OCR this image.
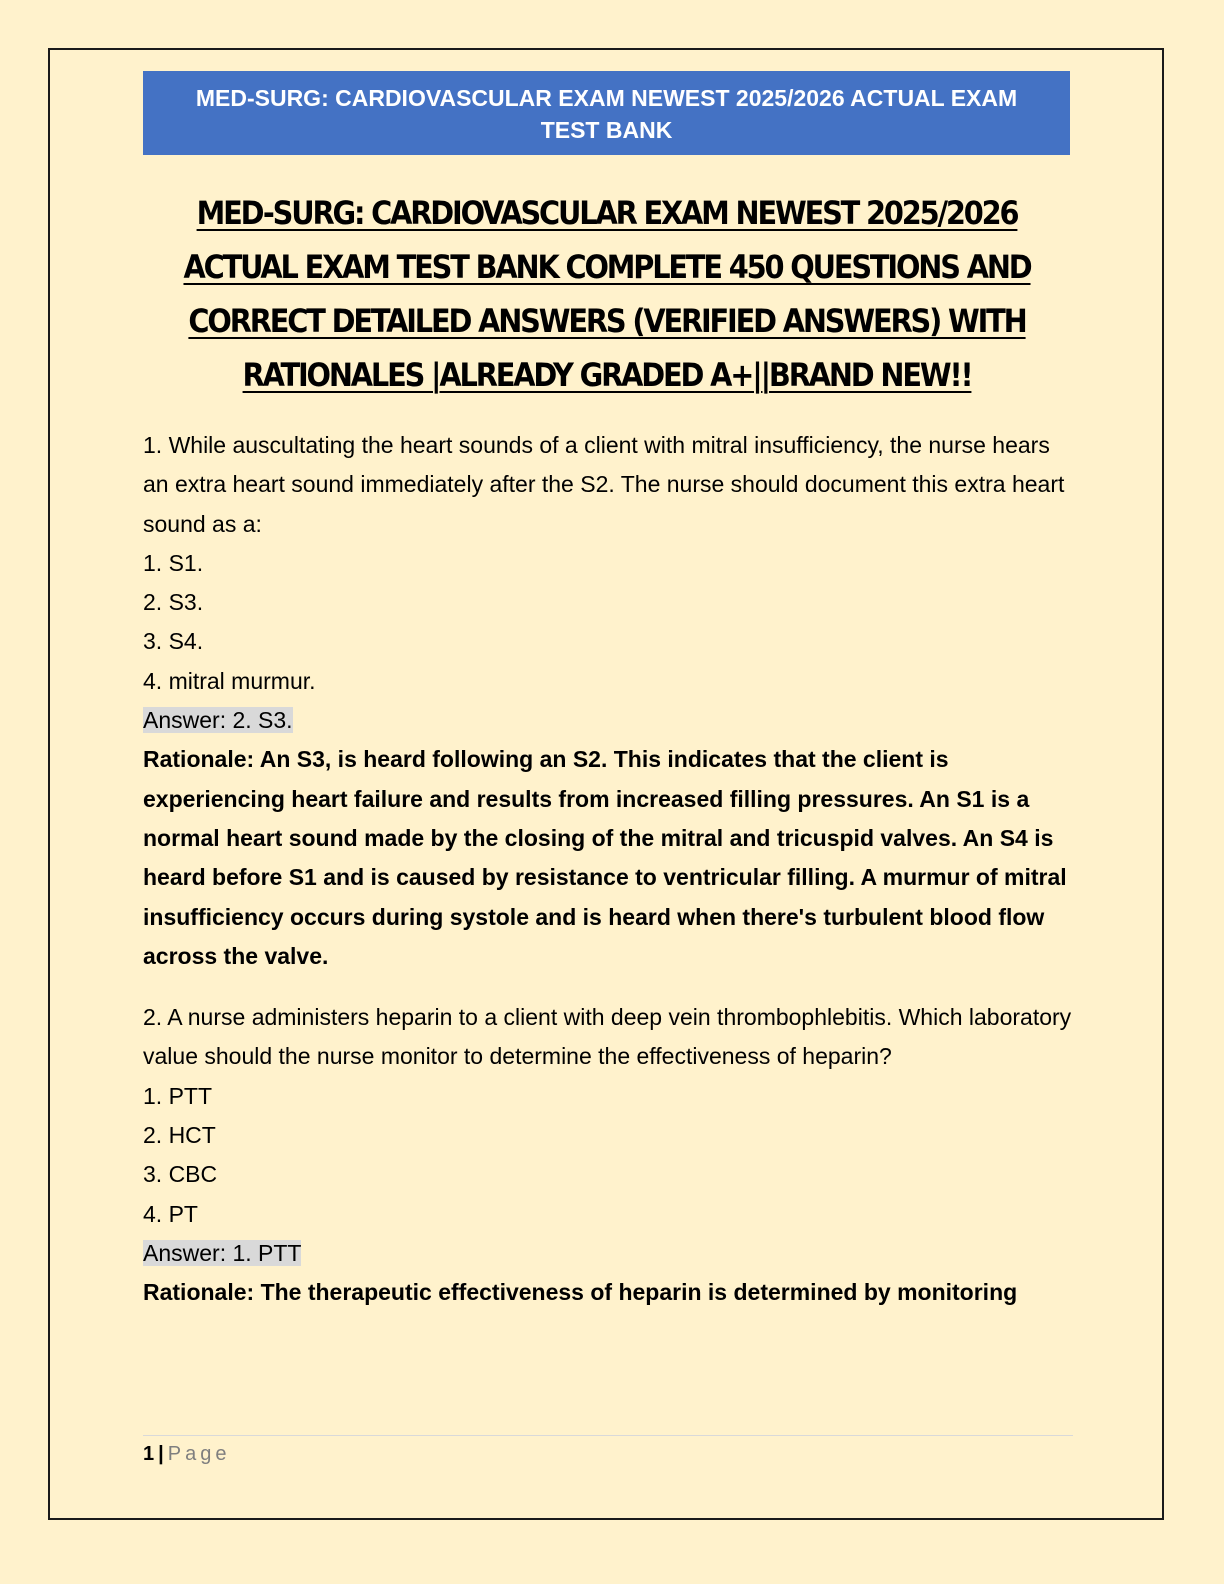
MED-SURG: CARDIOVASCULAR EXAM NEWEST 2025/2026 ACTUAL EXAM TEST BANK
MED-SURG: CARDIOVASCULAR EXAM NEWEST 2025/2026 ACTUAL EXAM TEST BANK COMPLETE 450 QUESTIONS AND CORRECT DETAILED ANSWERS (VERIFIED ANSWERS) WITH RATIONALES |ALREADY GRADED A+||BRAND NEW!!

1. While auscultating the heart sounds of a client with mitral insufficiency, the nurse hears an extra heart sound immediately after the S2. The nurse should document this extra heart sound as a:

1. S1.
2. S3.
3. S4.
4. mitral murmur.

Answer: 2. S3.

Rationale: An S3, is heard following an S2. This indicates that the client is experiencing heart failure and results from increased filling pressures. An S1 is a normal heart sound made by the closing of the mitral and tricuspid valves. An S4 is heard before S1 and is caused by resistance to ventricular filling. A murmur of mitral insufficiency occurs during systole and is heard when there's turbulent blood flow across the valve.

2. A nurse administers heparin to a client with deep vein thrombophlebitis. Which laboratory value should the nurse monitor to determine the effectiveness of heparin?

1. PTT
2. HCT
3. CBC
4. PT

Answer: 1. PTT

Rationale: The therapeutic effectiveness of heparin is determined by monitoring

1 | Page
